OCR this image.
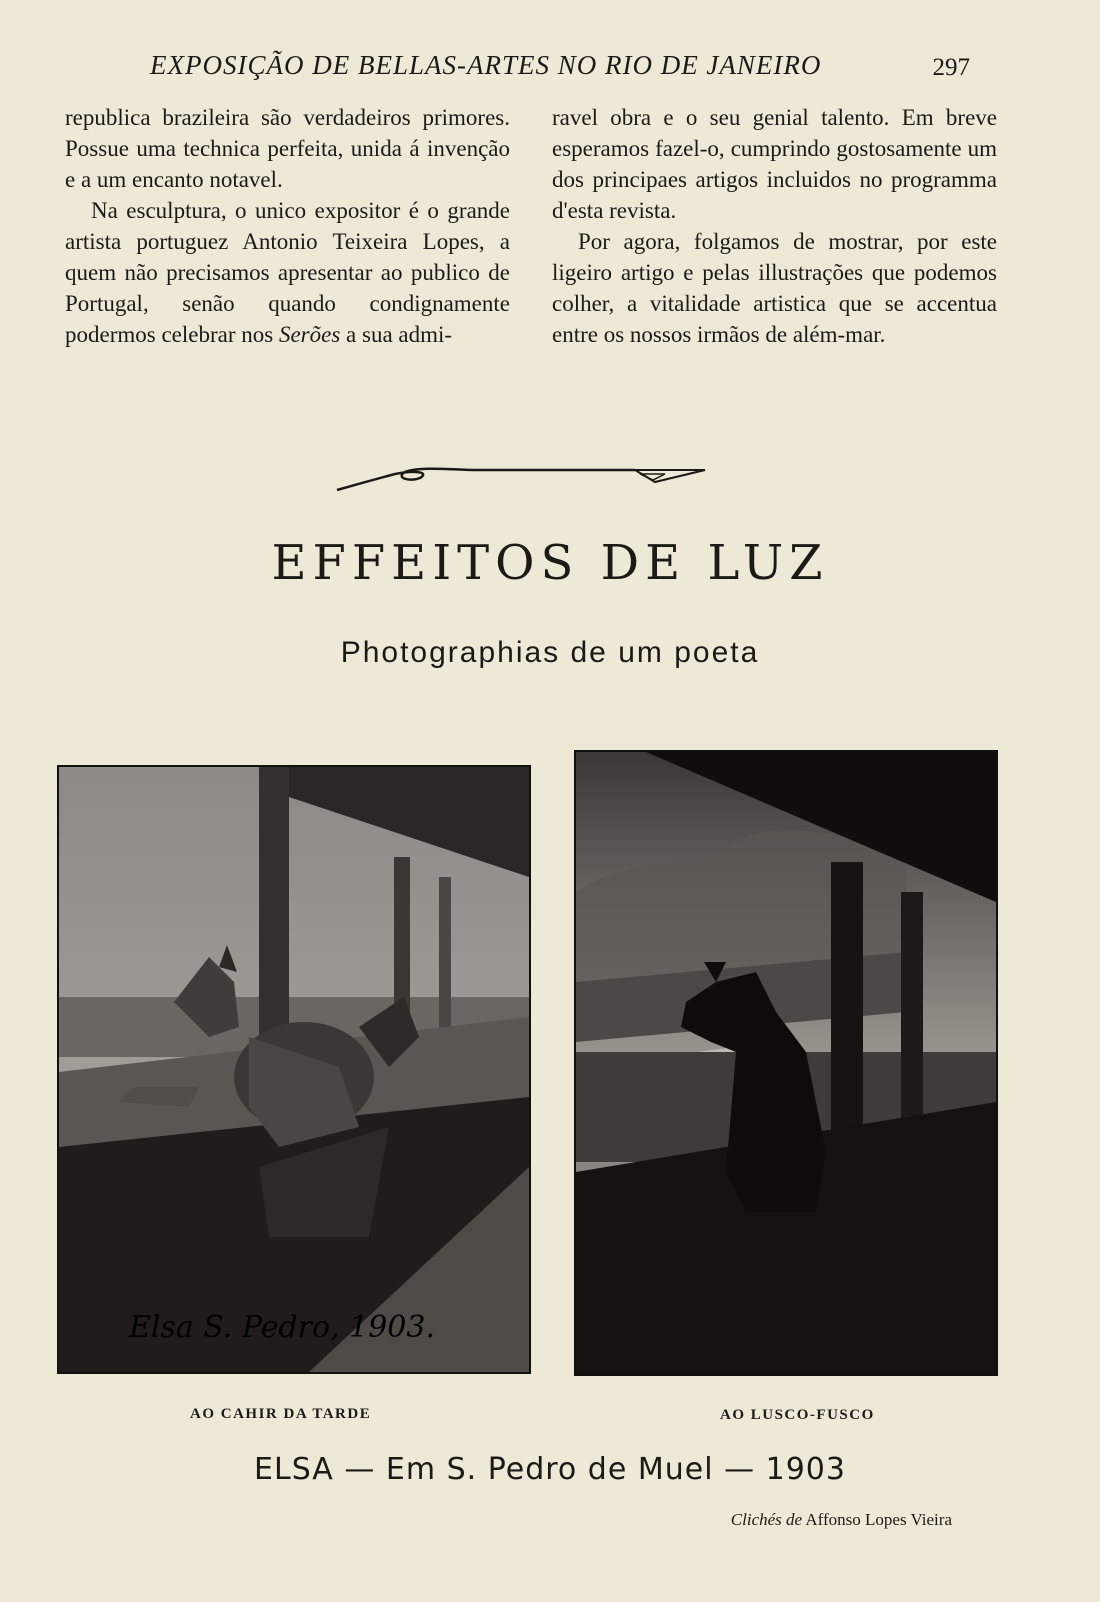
EXPOSIÇÃO DE BELLAS-ARTES NO RIO DE JANEIRO	297

republica brazileira são verdadeiros primores. Possue uma technica perfeita, unida á invenção e a um encanto notavel.

Na esculptura, o unico expositor é o grande artista portuguez Antonio Teixeira Lopes, a quem não precisamos apresentar ao publico de Portugal, senão quando condignamente podermos celebrar nos Serões a sua admi-

ravel obra e o seu genial talento. Em breve esperamos fazel-o, cumprindo gostosamente um dos principaes artigos incluidos no programma d'esta revista.

Por agora, folgamos de mostrar, por este ligeiro artigo e pelas illustrações que podemos colher, a vitalidade artistica que se accentua entre os nossos irmãos de além-mar.

EFFEITOS DE LUZ
Photographias de um poeta
Elsa S. Pedro, 1903.
AO CAHIR DA TARDE	AO LUSCO-FUSCO
ELSA — Em S. Pedro de Muel — 1903
Clichés de Affonso Lopes Vieira
